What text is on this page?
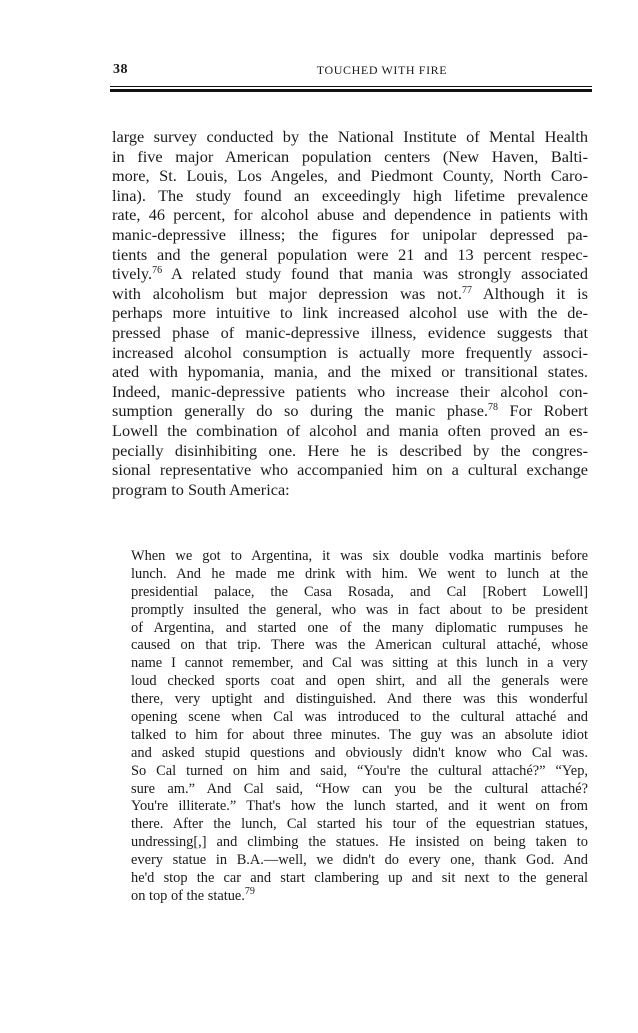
38	TOUCHED WITH FIRE
large survey conducted by the National Institute of Mental Health
in five major American population centers (New Haven, Balti-
more, St. Louis, Los Angeles, and Piedmont County, North Caro-
lina). The study found an exceedingly high lifetime prevalence
rate, 46 percent, for alcohol abuse and dependence in patients with
manic-depressive illness; the figures for unipolar depressed pa-
tients and the general population were 21 and 13 percent respec-
tively.$^{76}$ A related study found that mania was strongly associated
with alcoholism but major depression was not.$^{77}$ Although it is
perhaps more intuitive to link increased alcohol use with the de-
pressed phase of manic-depressive illness, evidence suggests that
increased alcohol consumption is actually more frequently associ-
ated with hypomania, mania, and the mixed or transitional states.
Indeed, manic-depressive patients who increase their alcohol con-
sumption generally do so during the manic phase.$^{78}$ For Robert
Lowell the combination of alcohol and mania often proved an es-
pecially disinhibiting one. Here he is described by the congres-
sional representative who accompanied him on a cultural exchange
program to South America:
When we got to Argentina, it was six double vodka martinis before
lunch. And he made me drink with him. We went to lunch at the
presidential palace, the Casa Rosada, and Cal [Robert Lowell]
promptly insulted the general, who was in fact about to be president
of Argentina, and started one of the many diplomatic rumpuses he
caused on that trip. There was the American cultural attaché, whose
name I cannot remember, and Cal was sitting at this lunch in a very
loud checked sports coat and open shirt, and all the generals were
there, very uptight and distinguished. And there was this wonderful
opening scene when Cal was introduced to the cultural attaché and
talked to him for about three minutes. The guy was an absolute idiot
and asked stupid questions and obviously didn't know who Cal was.
So Cal turned on him and said, “You're the cultural attaché?” “Yep,
sure am.” And Cal said, “How can you be the cultural attaché?
You're illiterate.” That's how the lunch started, and it went on from
there. After the lunch, Cal started his tour of the equestrian statues,
undressing[,] and climbing the statues. He insisted on being taken to
every statue in B.A.—well, we didn't do every one, thank God. And
he'd stop the car and start clambering up and sit next to the general
on top of the statue.$^{79}$
